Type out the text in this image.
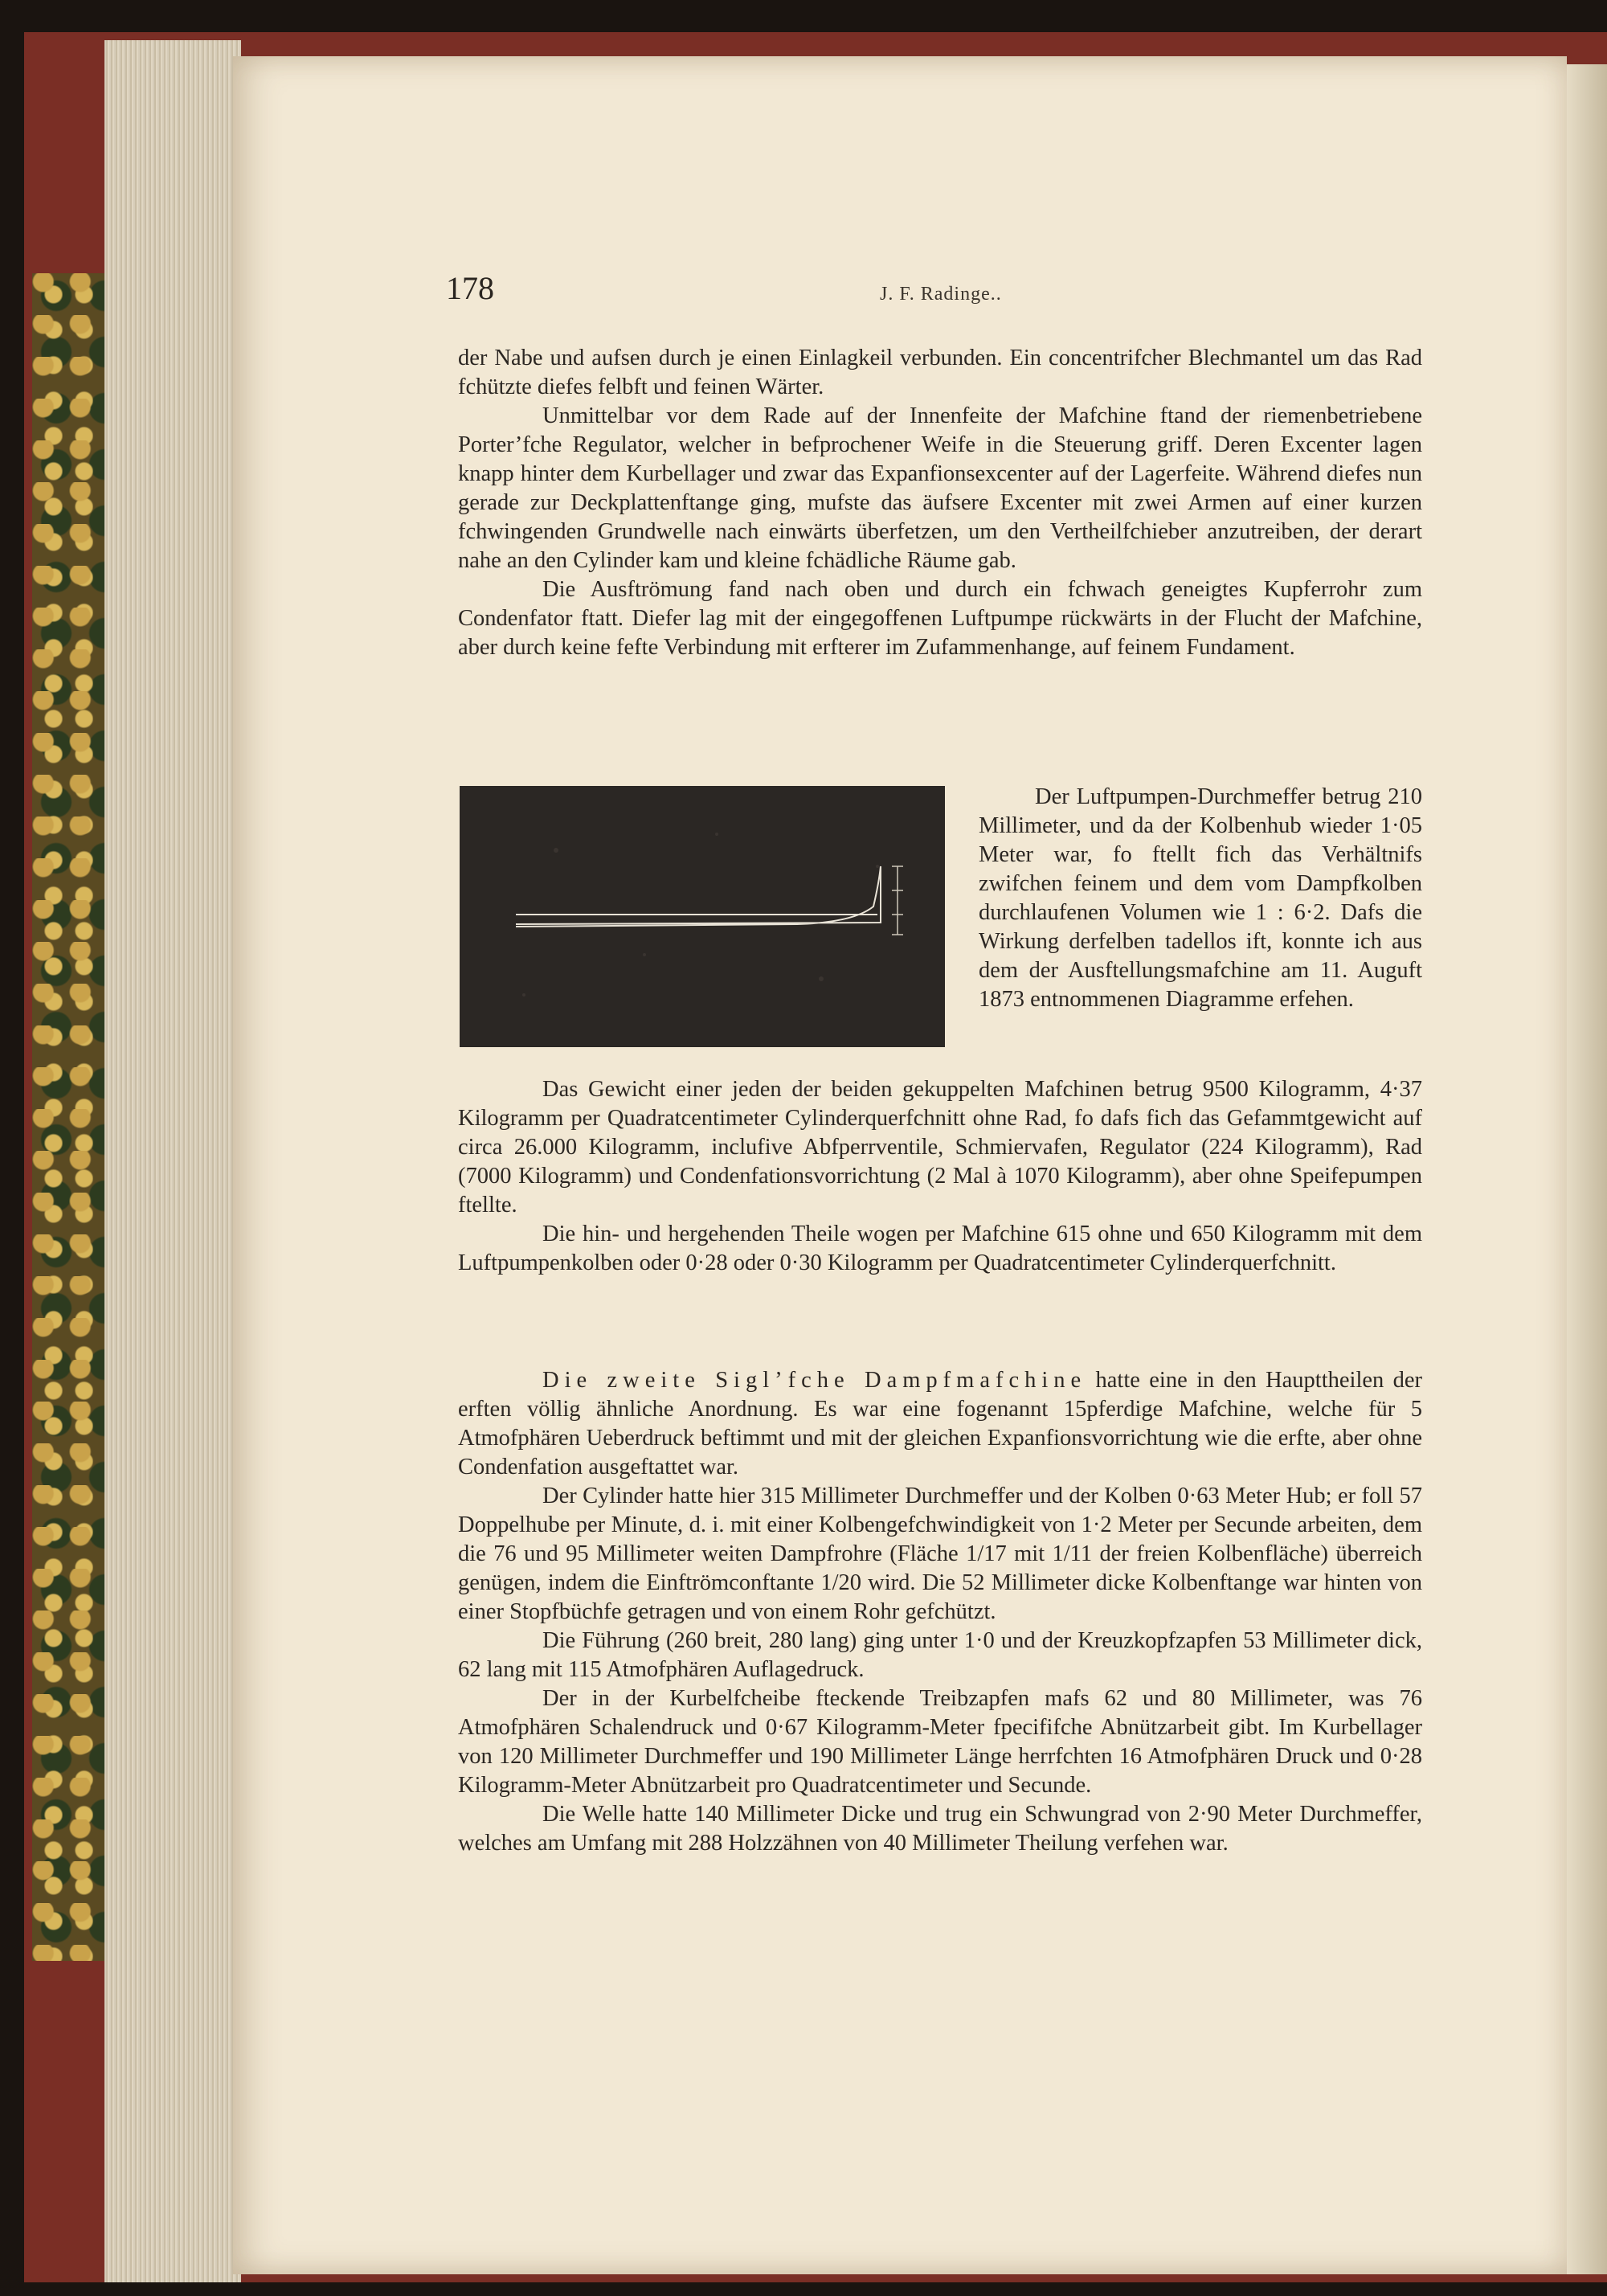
178	J. F. Radinge..

der Nabe und aufsen durch je einen Einlagkeil verbunden. Ein concentrifcher Blechmantel um das Rad fchützte diefes felbft und feinen Wärter.

Unmittelbar vor dem Rade auf der Innenfeite der Mafchine ftand der riemenbetriebene Porter’fche Regulator, welcher in befprochener Weife in die Steuerung griff. Deren Excenter lagen knapp hinter dem Kurbellager und zwar das Expanfionsexcenter auf der Lagerfeite. Während diefes nun gerade zur Deckplattenftange ging, mufste das äufsere Excenter mit zwei Armen auf einer kurzen fchwingenden Grundwelle nach einwärts überfetzen, um den Vertheilfchieber anzutreiben, der derart nahe an den Cylinder kam und kleine fchädliche Räume gab.

Die Ausftrömung fand nach oben und durch ein fchwach geneigtes Kupferrohr zum Condenfator ftatt. Diefer lag mit der eingegoffenen Luftpumpe rückwärts in der Flucht der Mafchine, aber durch keine fefte Verbindung mit erfterer im Zufammenhange, auf feinem Fundament.

Der Luftpumpen-Durchmeffer betrug 210 Millimeter, und da der Kolbenhub wieder 1·05 Meter war, fo ftellt fich das Verhältnifs zwifchen feinem und dem vom Dampfkolben durchlaufenen Volumen wie 1 : 6·2. Dafs die Wirkung derfelben tadellos ift, konnte ich aus dem der Ausftellungsmafchine am 11. Auguft 1873 entnommenen Diagramme erfehen.

Das Gewicht einer jeden der beiden gekuppelten Mafchinen betrug 9500 Kilogramm, 4·37 Kilogramm per Quadratcentimeter Cylinderquerfchnitt ohne Rad, fo dafs fich das Gefammtgewicht auf circa 26.000 Kilogramm, inclufive Abfperrventile, Schmiervafen, Regulator (224 Kilogramm), Rad (7000 Kilogramm) und Condenfationsvorrichtung (2 Mal à 1070 Kilogramm), aber ohne Speifepumpen ftellte.

Die hin- und hergehenden Theile wogen per Mafchine 615 ohne und 650 Kilogramm mit dem Luftpumpenkolben oder 0·28 oder 0·30 Kilogramm per Quadratcentimeter Cylinderquerfchnitt.

Die zweite Sigl’fche Dampfmafchine hatte eine in den Haupttheilen der erften völlig ähnliche Anordnung. Es war eine fogenannt 15pferdige Mafchine, welche für 5 Atmofphären Ueberdruck beftimmt und mit der gleichen Expanfionsvorrichtung wie die erfte, aber ohne Condenfation ausgeftattet war.

Der Cylinder hatte hier 315 Millimeter Durchmeffer und der Kolben 0·63 Meter Hub; er foll 57 Doppelhube per Minute, d. i. mit einer Kolbengefchwindigkeit von 1·2 Meter per Secunde arbeiten, dem die 76 und 95 Millimeter weiten Dampfrohre (Fläche 1/17 mit 1/11 der freien Kolbenfläche) überreich genügen, indem die Einftrömconftante 1/20 wird. Die 52 Millimeter dicke Kolbenftange war hinten von einer Stopfbüchfe getragen und von einem Rohr gefchützt.

Die Führung (260 breit, 280 lang) ging unter 1·0 und der Kreuzkopfzapfen 53 Millimeter dick, 62 lang mit 115 Atmofphären Auflagedruck.

Der in der Kurbelfcheibe fteckende Treibzapfen mafs 62 und 80 Millimeter, was 76 Atmofphären Schalendruck und 0·67 Kilogramm-Meter fpecififche Abnützarbeit gibt. Im Kurbellager von 120 Millimeter Durchmeffer und 190 Millimeter Länge herrfchten 16 Atmofphären Druck und 0·28 Kilogramm-Meter Abnützarbeit pro Quadratcentimeter und Secunde.

Die Welle hatte 140 Millimeter Dicke und trug ein Schwungrad von 2·90 Meter Durchmeffer, welches am Umfang mit 288 Holzzähnen von 40 Millimeter Theilung verfehen war.
